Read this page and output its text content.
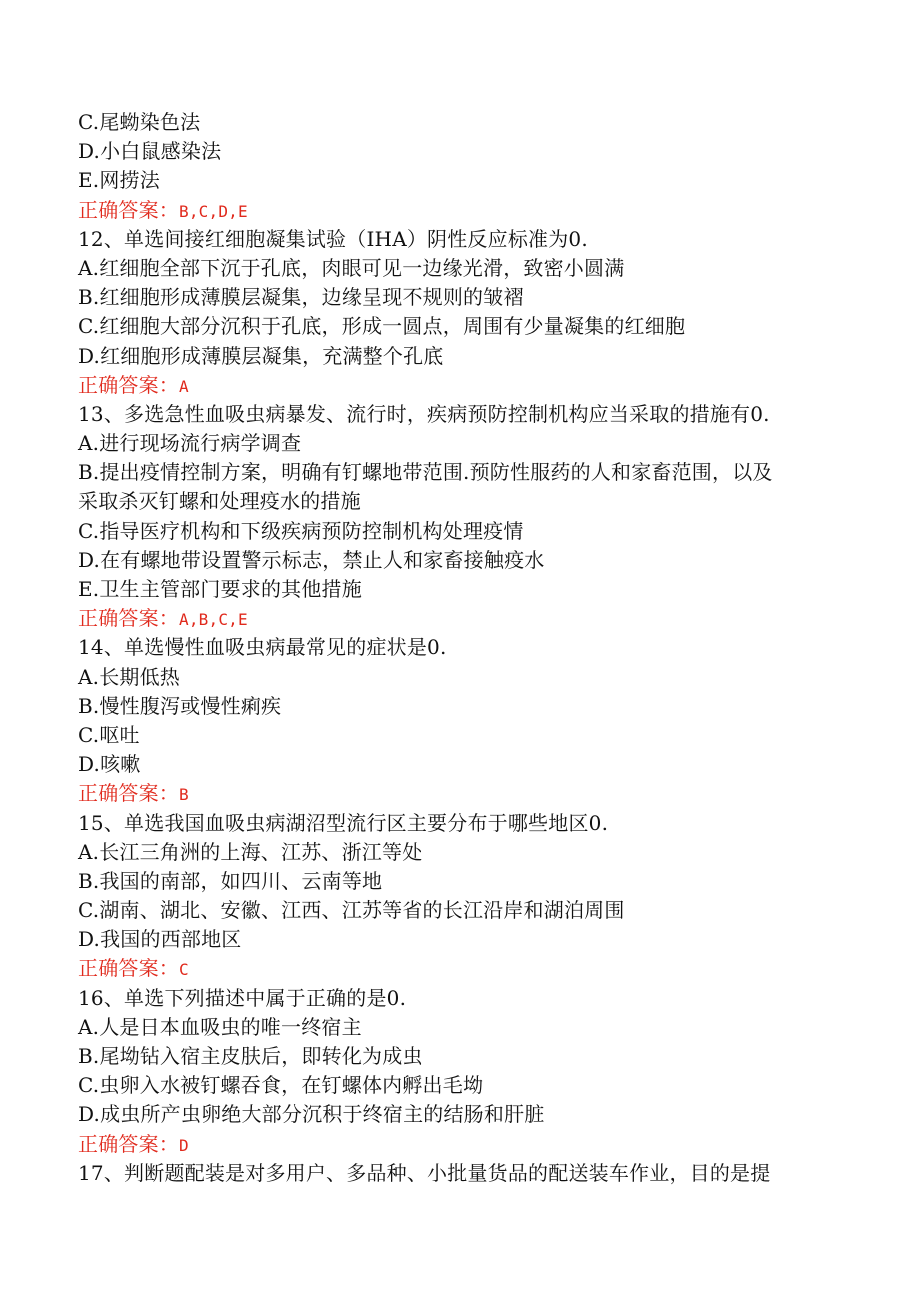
C.尾蚴染色法
D.小白鼠感染法
E.网捞法
正确答案：B,C,D,E
12、单选间接红细胞凝集试验（IHA）阴性反应标准为0.
A.红细胞全部下沉于孔底，肉眼可见一边缘光滑，致密小圆满
B.红细胞形成薄膜层凝集，边缘呈现不规则的皱褶
C.红细胞大部分沉积于孔底，形成一圆点，周围有少量凝集的红细胞
D.红细胞形成薄膜层凝集，充满整个孔底
正确答案：A
13、多选急性血吸虫病暴发、流行时，疾病预防控制机构应当采取的措施有0.
A.进行现场流行病学调查
B.提出疫情控制方案，明确有钉螺地带范围.预防性服药的人和家畜范围，以及
采取杀灭钉螺和处理疫水的措施
C.指导医疗机构和下级疾病预防控制机构处理疫情
D.在有螺地带设置警示标志，禁止人和家畜接触疫水
E.卫生主管部门要求的其他措施
正确答案：A,B,C,E
14、单选慢性血吸虫病最常见的症状是0.
A.长期低热
B.慢性腹泻或慢性痢疾
C.呕吐
D.咳嗽
正确答案：B
15、单选我国血吸虫病湖沼型流行区主要分布于哪些地区0.
A.长江三角洲的上海、江苏、浙江等处
B.我国的南部，如四川、云南等地
C.湖南、湖北、安徽、江西、江苏等省的长江沿岸和湖泊周围
D.我国的西部地区
正确答案：C
16、单选下列描述中属于正确的是0.
A.人是日本血吸虫的唯一终宿主
B.尾坳钻入宿主皮肤后，即转化为成虫
C.虫卵入水被钉螺吞食，在钉螺体内孵出毛坳
D.成虫所产虫卵绝大部分沉积于终宿主的结肠和肝脏
正确答案：D
17、判断题配装是对多用户、多品种、小批量货品的配送装车作业，目的是提
